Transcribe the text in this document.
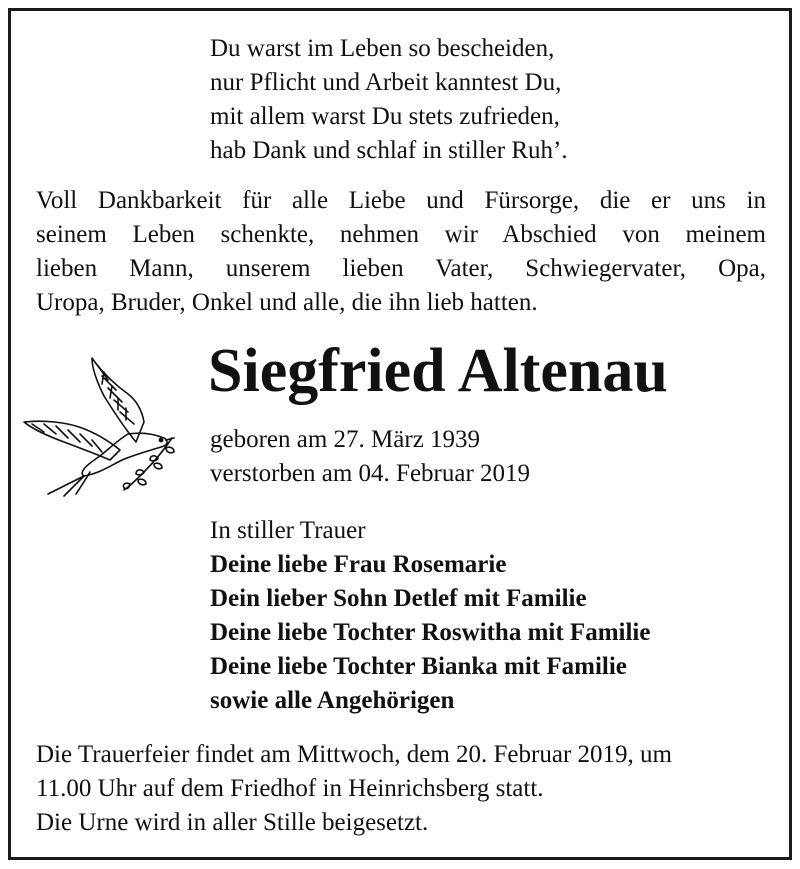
Du warst im Leben so bescheiden,
nur Pflicht und Arbeit kanntest Du,
mit allem warst Du stets zufrieden,
hab Dank und schlaf in stiller Ruh’.
Voll Dankbarkeit für alle Liebe und Fürsorge, die er uns in
seinem Leben schenkte, nehmen wir Abschied von meinem
lieben Mann, unserem lieben Vater, Schwiegervater, Opa,
Uropa, Bruder, Onkel und alle, die ihn lieb hatten.
Siegfried Altenau
geboren am 27. März 1939
verstorben am 04. Februar 2019
In stiller Trauer
Deine liebe Frau Rosemarie
Dein lieber Sohn Detlef mit Familie
Deine liebe Tochter Roswitha mit Familie
Deine liebe Tochter Bianka mit Familie
sowie alle Angehörigen
Die Trauerfeier findet am Mittwoch, dem 20. Februar 2019, um
11.00 Uhr auf dem Friedhof in Heinrichsberg statt.
Die Urne wird in aller Stille beigesetzt.
